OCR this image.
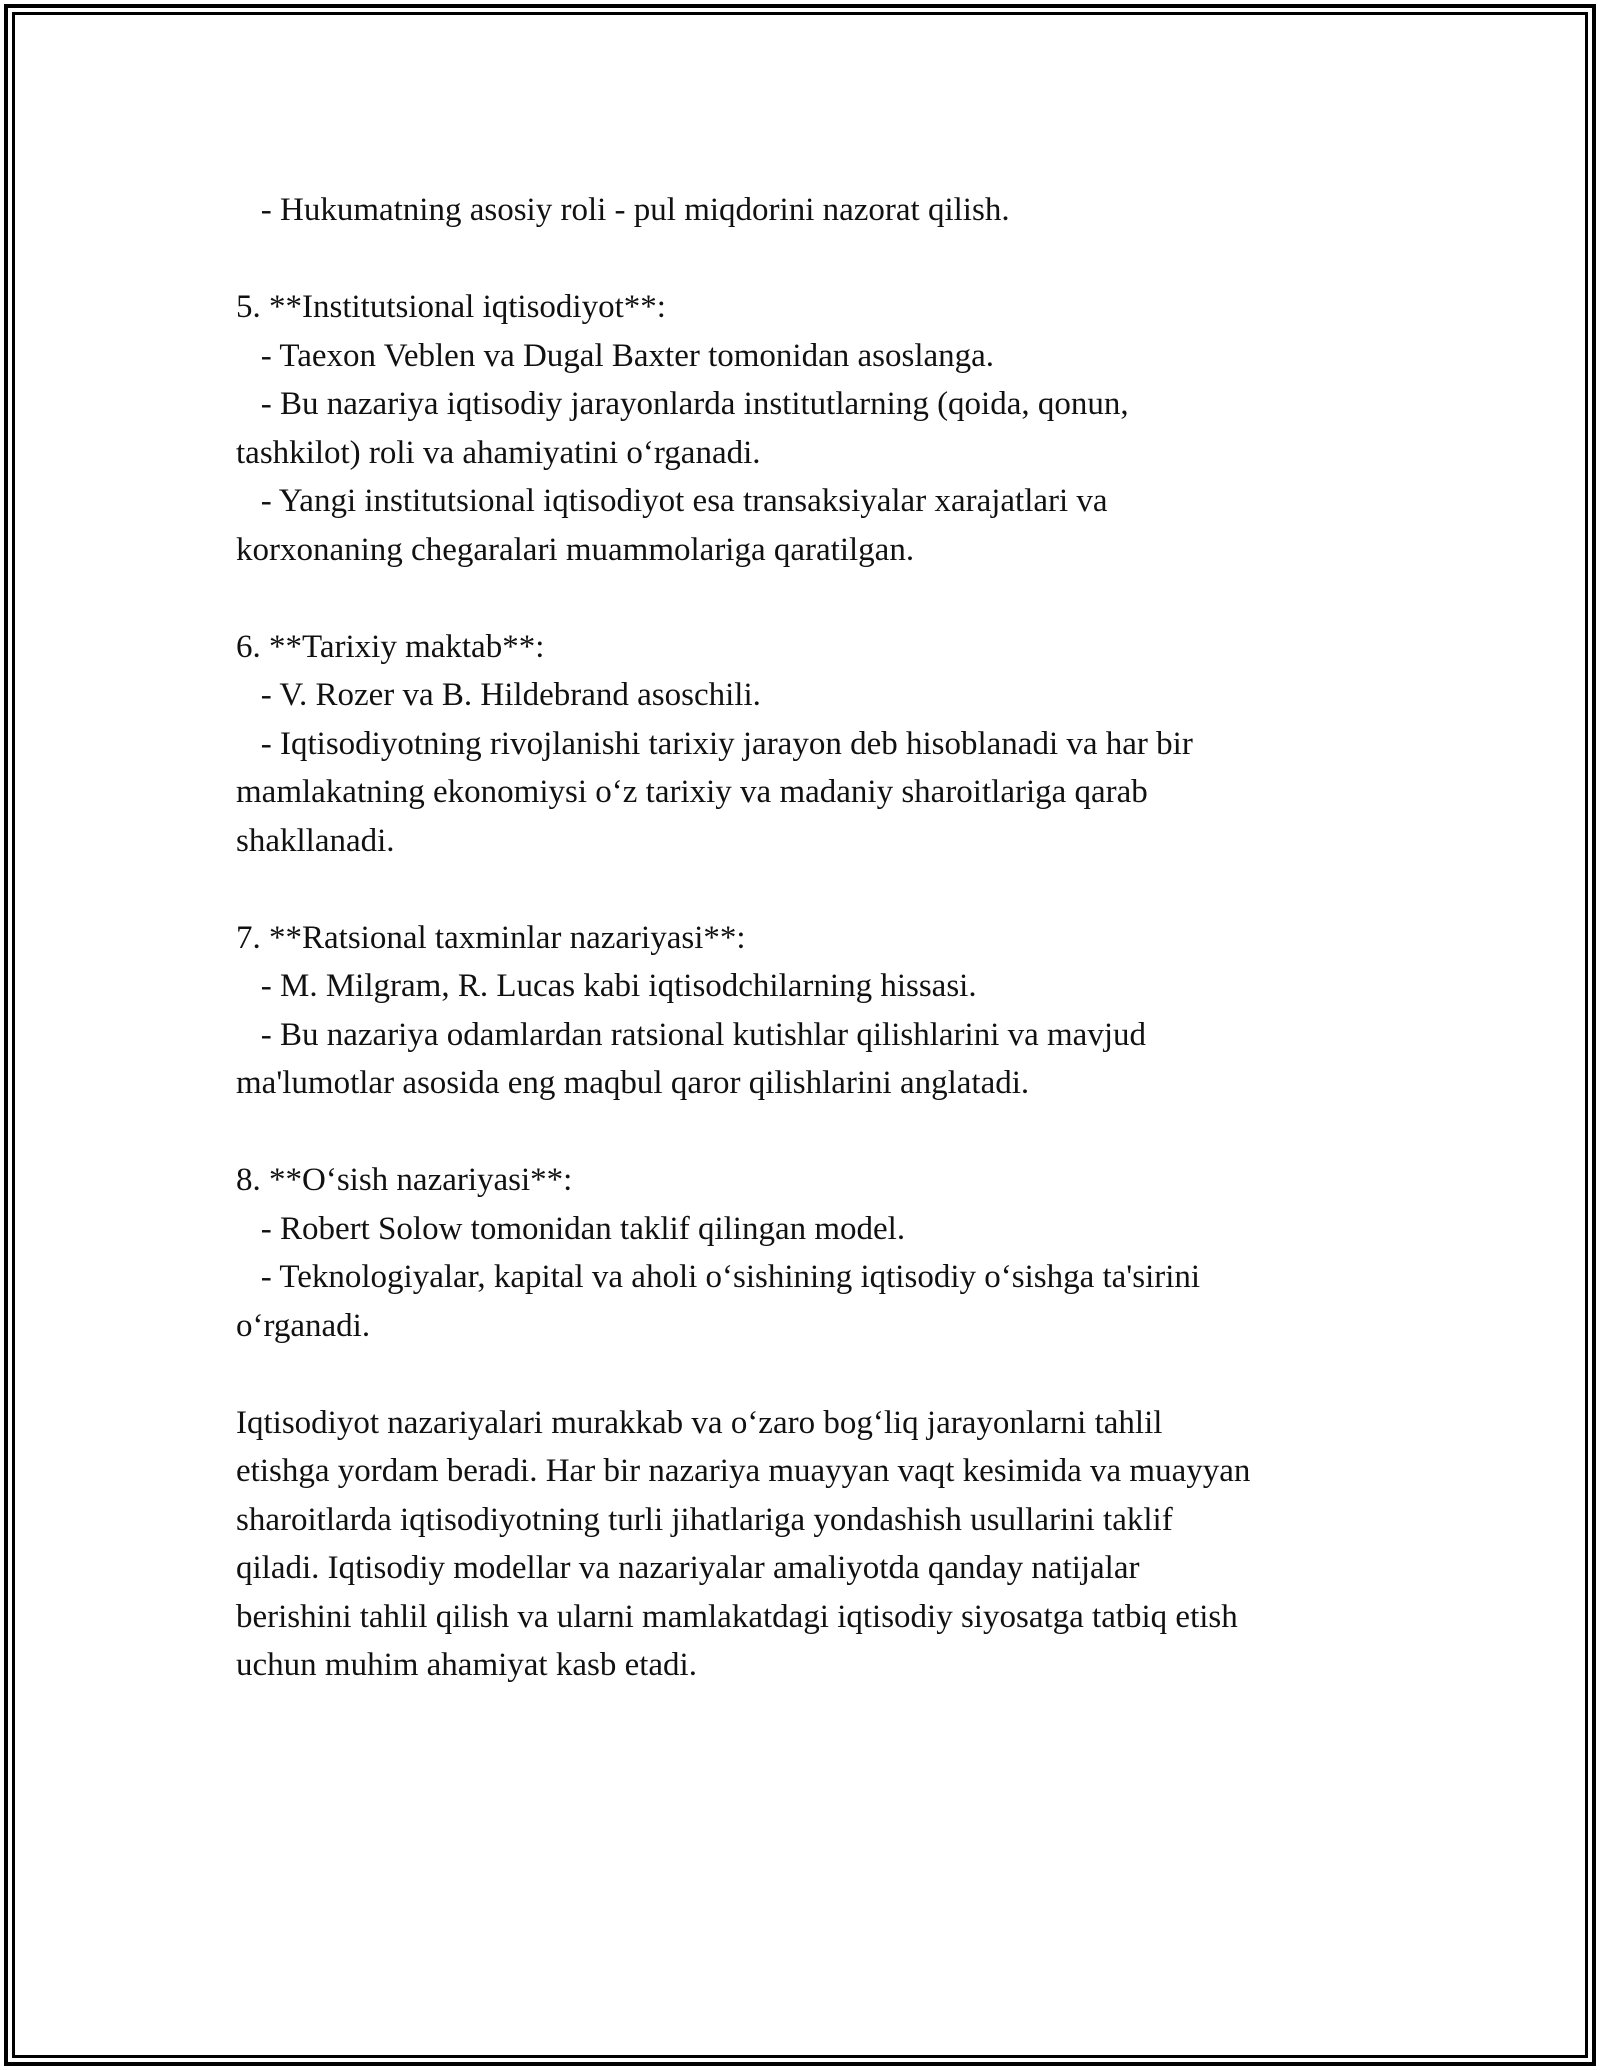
- Hukumatning asosiy roli - pul miqdorini nazorat qilish.
5. **Institutsional iqtisodiyot**:
- Taexon Veblen va Dugal Baxter tomonidan asoslanga.
- Bu nazariya iqtisodiy jarayonlarda institutlarning (qoida, qonun,
tashkilot) roli va ahamiyatini o‘rganadi.
- Yangi institutsional iqtisodiyot esa transaksiyalar xarajatlari va
korxonaning chegaralari muammolariga qaratilgan.
6. **Tarixiy maktab**:
- V. Rozer va B. Hildebrand asoschili.
- Iqtisodiyotning rivojlanishi tarixiy jarayon deb hisoblanadi va har bir
mamlakatning ekonomiysi o‘z tarixiy va madaniy sharoitlariga qarab
shakllanadi.
7. **Ratsional taxminlar nazariyasi**:
- M. Milgram, R. Lucas kabi iqtisodchilarning hissasi.
- Bu nazariya odamlardan ratsional kutishlar qilishlarini va mavjud
ma'lumotlar asosida eng maqbul qaror qilishlarini anglatadi.
8. **O‘sish nazariyasi**:
- Robert Solow tomonidan taklif qilingan model.
- Teknologiyalar, kapital va aholi o‘sishining iqtisodiy o‘sishga ta'sirini
o‘rganadi.
Iqtisodiyot nazariyalari murakkab va o‘zaro bog‘liq jarayonlarni tahlil
etishga yordam beradi. Har bir nazariya muayyan vaqt kesimida va muayyan
sharoitlarda iqtisodiyotning turli jihatlariga yondashish usullarini taklif
qiladi. Iqtisodiy modellar va nazariyalar amaliyotda qanday natijalar
berishini tahlil qilish va ularni mamlakatdagi iqtisodiy siyosatga tatbiq etish
uchun muhim ahamiyat kasb etadi.
